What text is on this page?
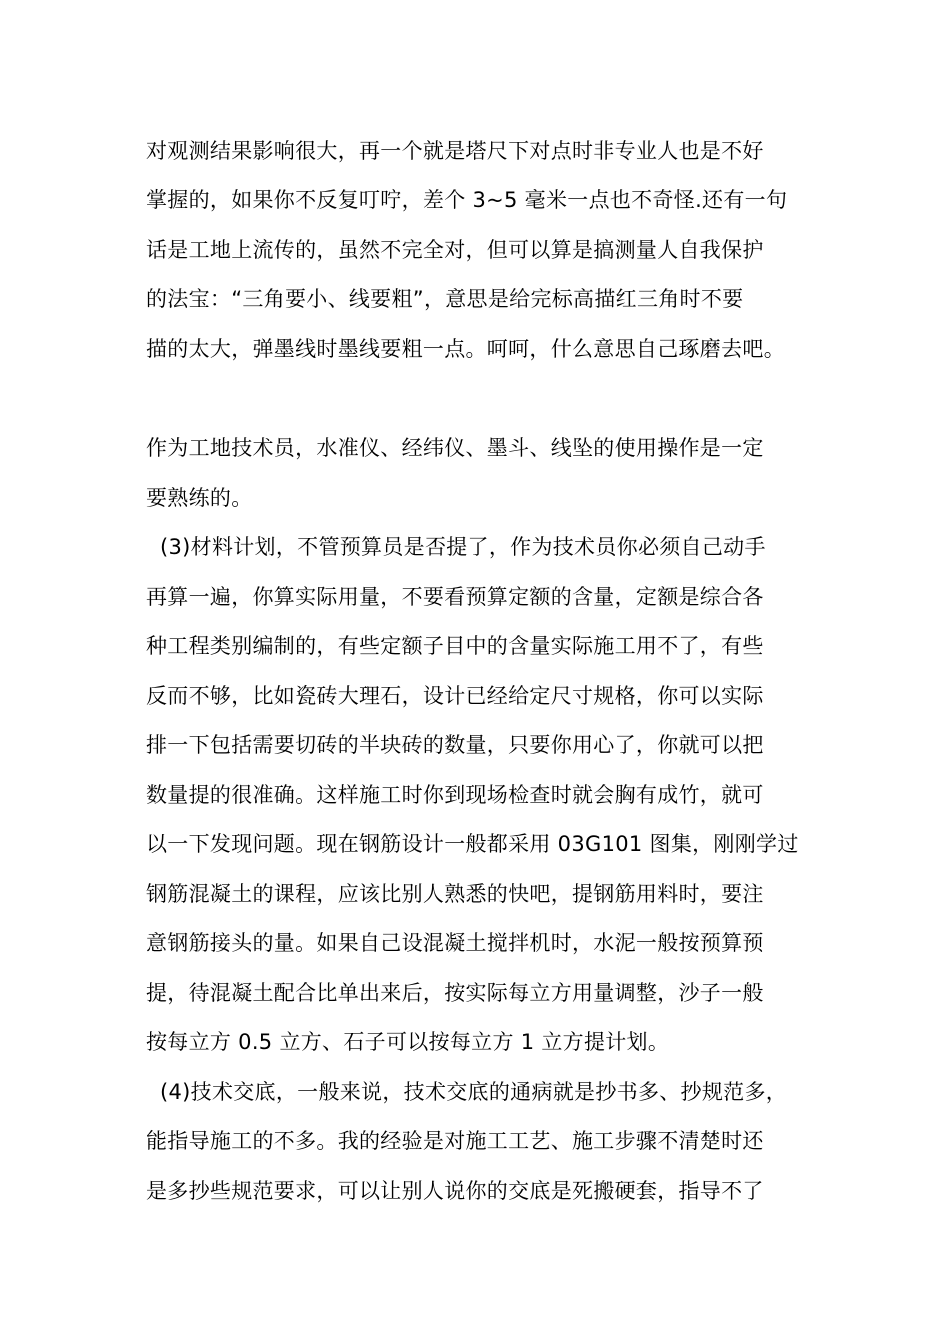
对观测结果影响很大，再一个就是塔尺下对点时非专业人也是不好
掌握的，如果你不反复叮咛，差个 3~5 毫米一点也不奇怪.还有一句
话是工地上流传的，虽然不完全对，但可以算是搞测量人自我保护
的法宝：“三角要小、线要粗”，意思是给完标高描红三角时不要
描的太大，弹墨线时墨线要粗一点。呵呵，什么意思自己琢磨去吧。
作为工地技术员，水准仪、经纬仪、墨斗、线坠的使用操作是一定
要熟练的。
(3)材料计划，不管预算员是否提了，作为技术员你必须自己动手
再算一遍，你算实际用量，不要看预算定额的含量，定额是综合各
种工程类别编制的，有些定额子目中的含量实际施工用不了，有些
反而不够，比如瓷砖大理石，设计已经给定尺寸规格，你可以实际
排一下包括需要切砖的半块砖的数量，只要你用心了，你就可以把
数量提的很准确。这样施工时你到现场检查时就会胸有成竹，就可
以一下发现问题。现在钢筋设计一般都采用 03G101 图集，刚刚学过
钢筋混凝土的课程，应该比别人熟悉的快吧，提钢筋用料时，要注
意钢筋接头的量。如果自己设混凝土搅拌机时，水泥一般按预算预
提，待混凝土配合比单出来后，按实际每立方用量调整，沙子一般
按每立方 0.5 立方、石子可以按每立方 1 立方提计划。
(4)技术交底，一般来说，技术交底的通病就是抄书多、抄规范多，
能指导施工的不多。我的经验是对施工工艺、施工步骤不清楚时还
是多抄些规范要求，可以让别人说你的交底是死搬硬套，指导不了
